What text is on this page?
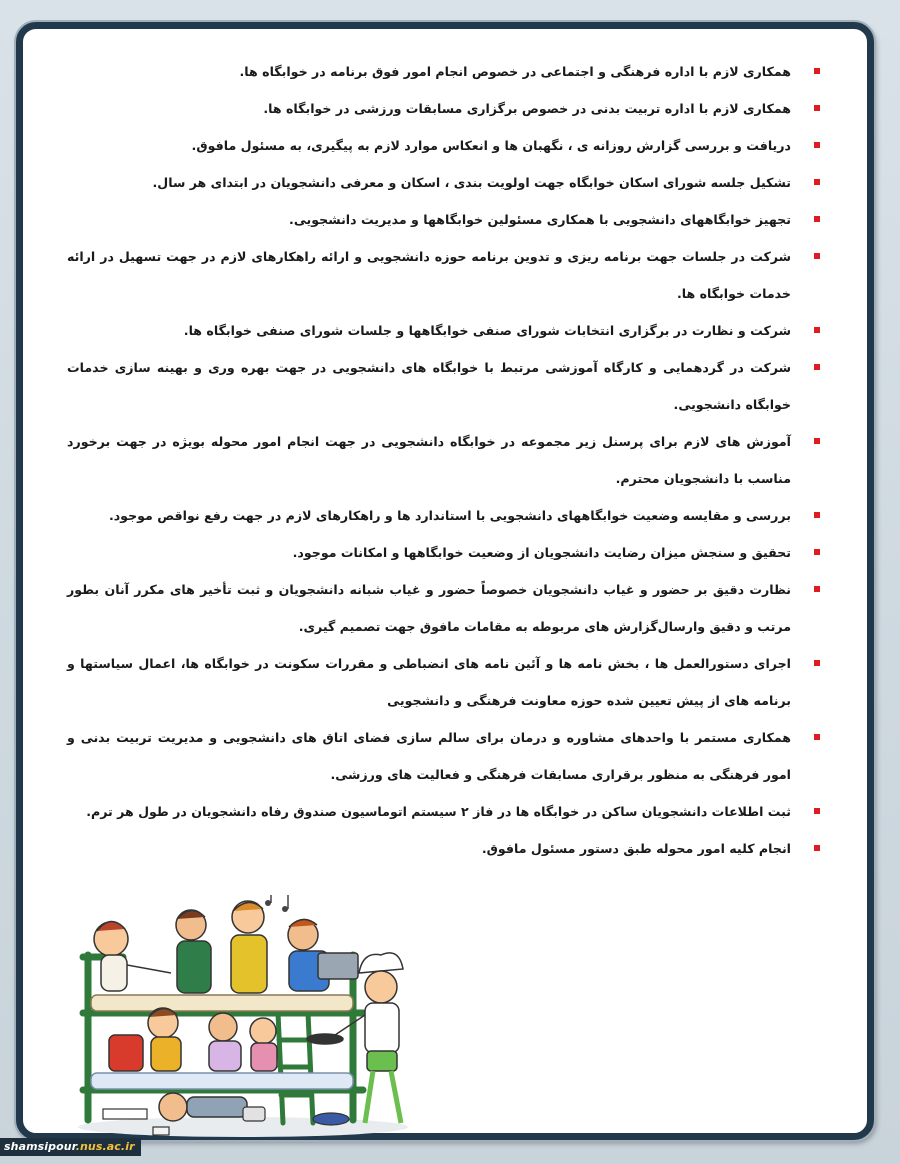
همکاری لازم با اداره فرهنگی و اجتماعی در خصوص انجام امور فوق برنامه در خوابگاه ها.
همکاری لازم با اداره تربیت بدنی در خصوص برگزاری مسابقات ورزشی در خوابگاه ها.
دریافت و بررسی گزارش روزانه ی ، نگهبان ها و انعکاس موارد لازم به پیگیری، به مسئول مافوق.
تشکیل جلسه شورای اسکان خوابگاه جهت اولویت بندی ، اسکان و معرفی دانشجویان در ابتدای هر سال.
تجهیز خوابگاههای دانشجویی با همکاری مسئولین خوابگاهها و مدیریت دانشجویی.
شرکت در جلسات جهت برنامه ریزی و تدوین برنامه حوزه دانشجویی و ارائه راهکارهای لازم در جهت تسهیل در ارائه خدمات خوابگاه ها.
شرکت و نظارت در برگزاری انتخابات شورای صنفی خوابگاهها و جلسات شورای صنفی خوابگاه ها.
شرکت در گردهمایی و کارگاه آموزشی مرتبط با خوابگاه های دانشجویی در جهت بهره وری و بهینه سازی خدمات خوابگاه دانشجویی.
آموزش های لازم برای پرسنل زیر مجموعه در خوابگاه دانشجویی در جهت انجام امور محوله بویژه در جهت برخورد مناسب با دانشجویان محترم.
بررسی و مقایسه وضعیت خوابگاههای دانشجویی با استاندارد ها و راهکارهای لازم در جهت رفع نواقص موجود.
تحقیق و سنجش میزان رضایت دانشجویان از وضعیت خوابگاهها و امکانات موجود.
نظارت دقیق بر حضور و غیاب دانشجویان خصوصاً حضور و غیاب شبانه دانشجویان و ثبت تأخیر های مکرر آنان بطور مرتب و دقیق وارسال‌گزارش های مربوطه به مقامات مافوق جهت تصمیم گیری.
اجرای دستورالعمل ها ، بخش نامه ها و آئین نامه های انضباطی و مقررات سکونت در خوابگاه ها، اعمال سیاستها و برنامه های از پیش تعیین شده حوزه معاونت فرهنگی و دانشجویی
همکاری مستمر با واحدهای مشاوره و درمان برای سالم سازی فضای اتاق های دانشجویی و مدیریت تربیت بدنی و امور فرهنگی به منظور برقراری مسابقات فرهنگی و فعالیت های ورزشی.
ثبت اطلاعات دانشجویان ساکن در خوابگاه ها در فاز ۲ سیستم اتوماسیون صندوق رفاه دانشجویان در طول هر ترم.
انجام کلیه امور محوله طبق دستور مسئول مافوق.
shamsipour.nus.ac.ir
